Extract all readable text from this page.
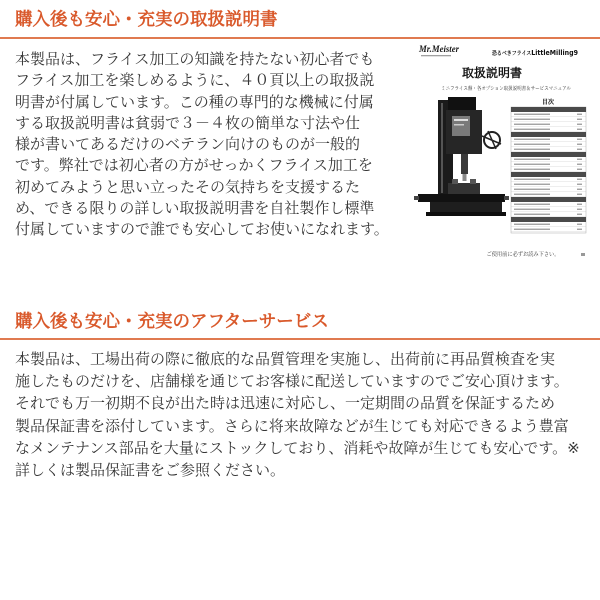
購入後も安心・充実の取扱説明書
本製品は、フライス加工の知識を持たない初心者でも
フライス加工を楽しめるように、４０頁以上の取扱説
明書が付属しています。この種の専門的な機械に付属
する取扱説明書は貧弱で３－４枚の簡単な寸法や仕
様が書いてあるだけのベテラン向けのものが一般的
です。弊社では初心者の方がせっかくフライス加工を
初めてみようと思い立ったその気持ちを支援するた
め、できる限りの詳しい取扱説明書を自社製作し標準
付属していますので誰でも安心してお使いになれます。
Mr.Meister	恐るべきフライスLittleMilling9
取扱説明書
ミニフライス盤・各オプション取扱説明書＆サービスマニュアル
目次
ご使用前に必ずお読み下さい。
購入後も安心・充実のアフターサービス
本製品は、工場出荷の際に徹底的な品質管理を実施し、出荷前に再品質検査を実
施したものだけを、店舗様を通じてお客様に配送していますのでご安心頂けます。
それでも万一初期不良が出た時は迅速に対応し、一定期間の品質を保証するため
製品保証書を添付しています。さらに将来故障などが生じても対応できるよう豊富
なメンテナンス部品を大量にストックしており、消耗や故障が生じても安心です。※
詳しくは製品保証書をご参照ください。
